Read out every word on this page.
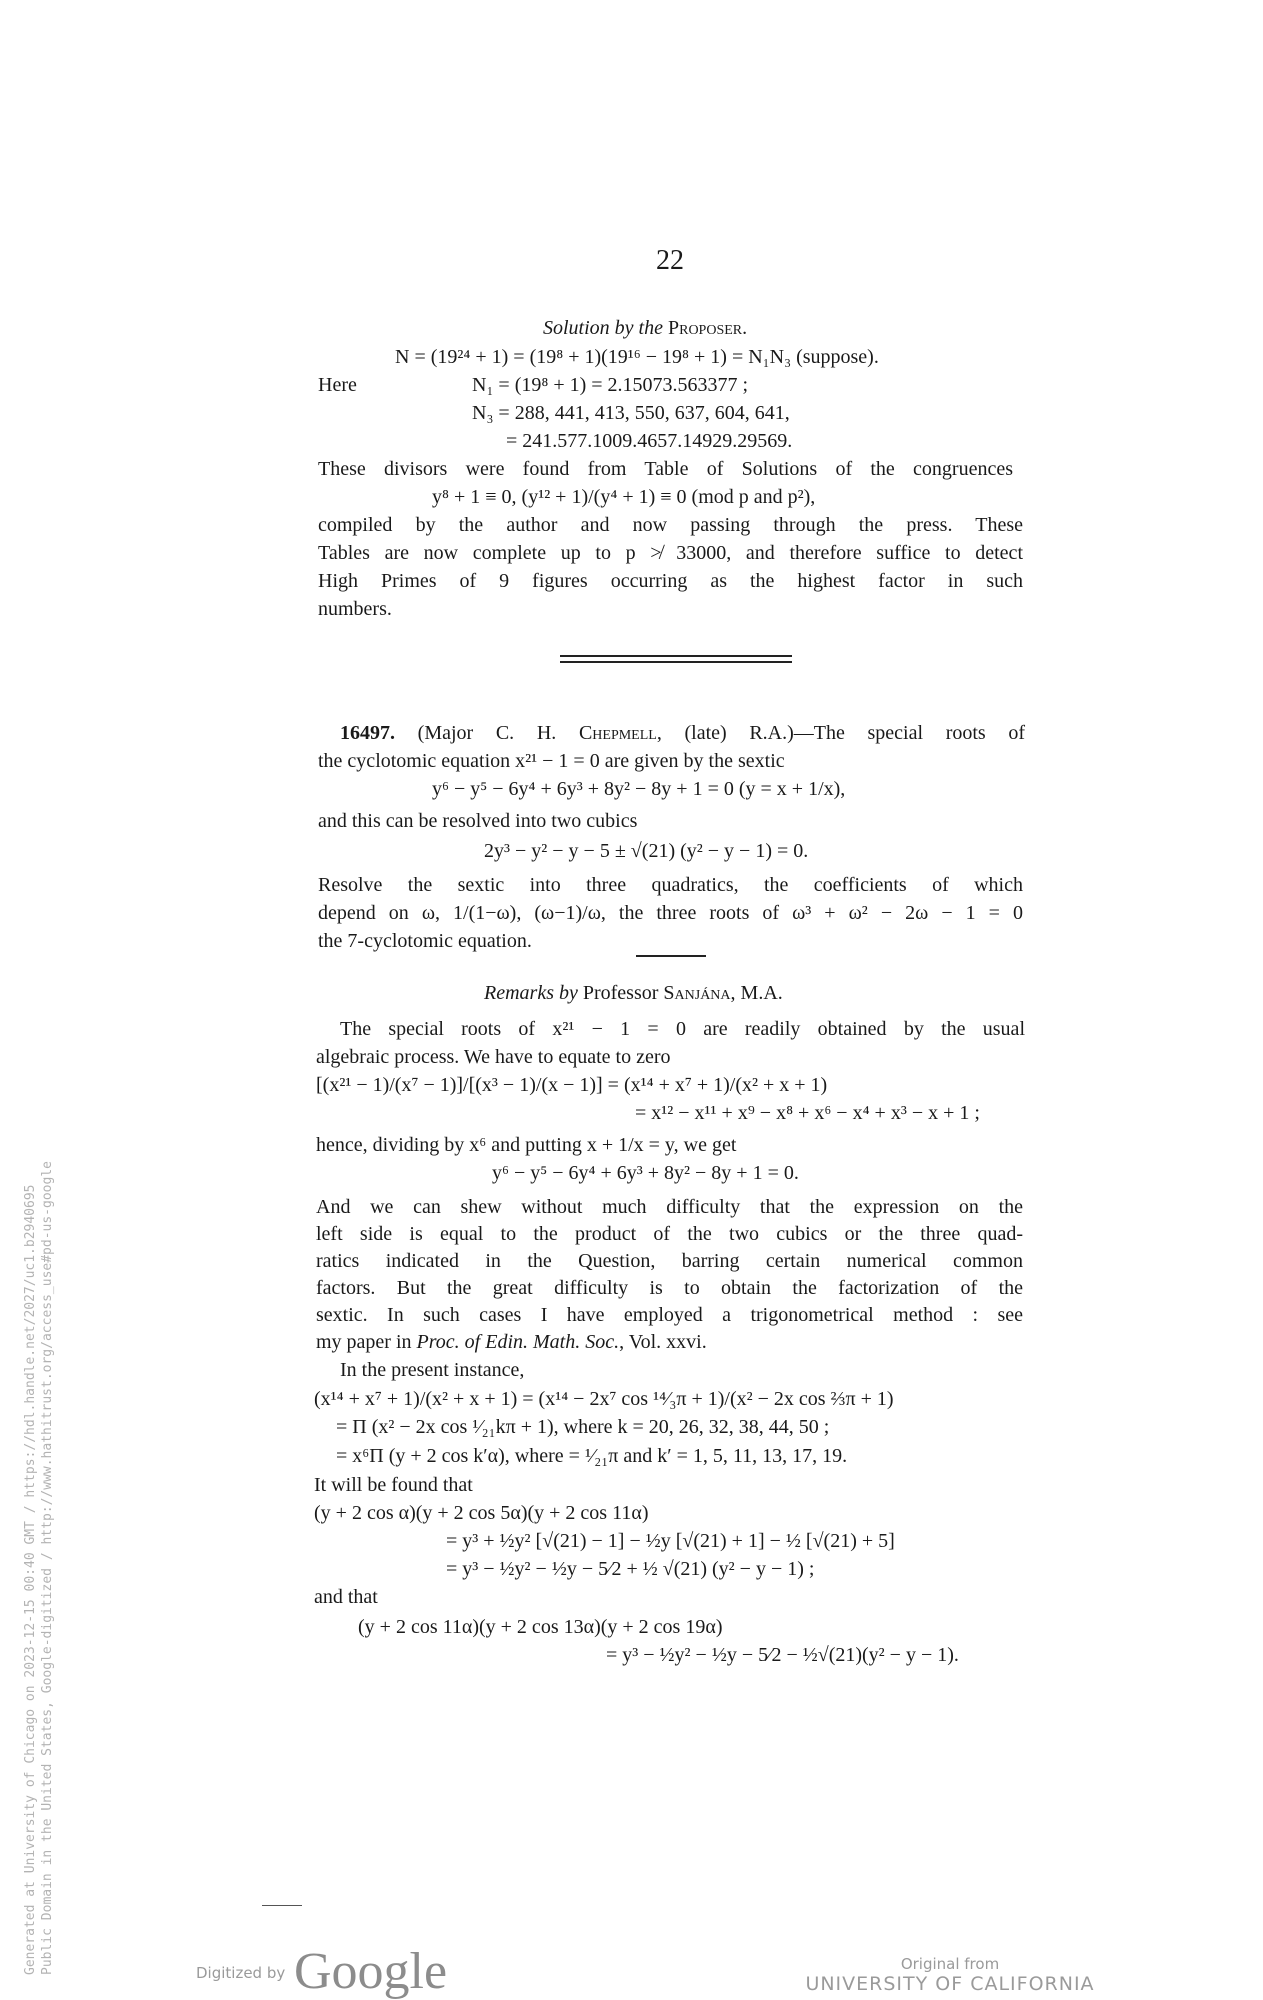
22
Solution by the Proposer.
N = (19²⁴ + 1) = (19⁸ + 1)(19¹⁶ − 19⁸ + 1) = N₁N₃ (suppose).
Here	N₁ = (19⁸ + 1) = 2.15073.563377 ;
N₃ = 288, 441, 413, 550, 637, 604, 641,
= 241.577.1009.4657.14929.29569.
These divisors were found from Table of Solutions of the congruences
y⁸ + 1 ≡ 0, (y¹² + 1)/(y⁴ + 1) ≡ 0 (mod p and p²),
compiled by the author and now passing through the press. These
Tables are now complete up to p ≯ 33000, and therefore suffice to detect
High Primes of 9 figures occurring as the highest factor in such
numbers.
16497. (Major C. H. Chepmell, (late) R.A.)—The special roots of
the cyclotomic equation x²¹ − 1 = 0 are given by the sextic
y⁶ − y⁵ − 6y⁴ + 6y³ + 8y² − 8y + 1 = 0 (y = x + 1/x),
and this can be resolved into two cubics
2y³ − y² − y − 5 ± √(21) (y² − y − 1) = 0.
Resolve the sextic into three quadratics, the coefficients of which
depend on ω, 1/(1−ω), (ω−1)/ω, the three roots of ω³ + ω² − 2ω − 1 = 0
the 7-cyclotomic equation.
Remarks by Professor Sanjána, M.A.
The special roots of x²¹ − 1 = 0 are readily obtained by the usual
algebraic process. We have to equate to zero
[(x²¹ − 1)/(x⁷ − 1)]/[(x³ − 1)/(x − 1)] = (x¹⁴ + x⁷ + 1)/(x² + x + 1)
= x¹² − x¹¹ + x⁹ − x⁸ + x⁶ − x⁴ + x³ − x + 1 ;
hence, dividing by x⁶ and putting x + 1/x = y, we get
y⁶ − y⁵ − 6y⁴ + 6y³ + 8y² − 8y + 1 = 0.
And we can shew without much difficulty that the expression on the
left side is equal to the product of the two cubics or the three quad-
ratics indicated in the Question, barring certain numerical common
factors. But the great difficulty is to obtain the factorization of the
sextic. In such cases I have employed a trigonometrical method : see
my paper in Proc. of Edin. Math. Soc., Vol. xxvi.
In the present instance,
(x¹⁴ + x⁷ + 1)/(x² + x + 1) = (x¹⁴ − 2x⁷ cos ¹⁴⁄₃π + 1)/(x² − 2x cos ⅔π + 1)
= Π (x² − 2x cos ¹⁄₂₁kπ + 1), where k = 20, 26, 32, 38, 44, 50 ;
= x⁶Π (y + 2 cos k′α), where = ¹⁄₂₁π and k′ = 1, 5, 11, 13, 17, 19.
It will be found that
(y + 2 cos α)(y + 2 cos 5α)(y + 2 cos 11α)
= y³ + ½y² [√(21) − 1] − ½y [√(21) + 1] − ½ [√(21) + 5]
= y³ − ½y² − ½y − 5⁄2 + ½ √(21) (y² − y − 1) ;
and that
(y + 2 cos 11α)(y + 2 cos 13α)(y + 2 cos 19α)
= y³ − ½y² − ½y − 5⁄2 − ½√(21)(y² − y − 1).
Generated at University of Chicago on 2023-12-15 00:40 GMT / https://hdl.handle.net/2027/uc1.b2940695 Public Domain in the United States, Google-digitized / http://www.hathitrust.org/access_use#pd-us-google	Digitized by Google	Original from
UNIVERSITY OF CALIFORNIA
